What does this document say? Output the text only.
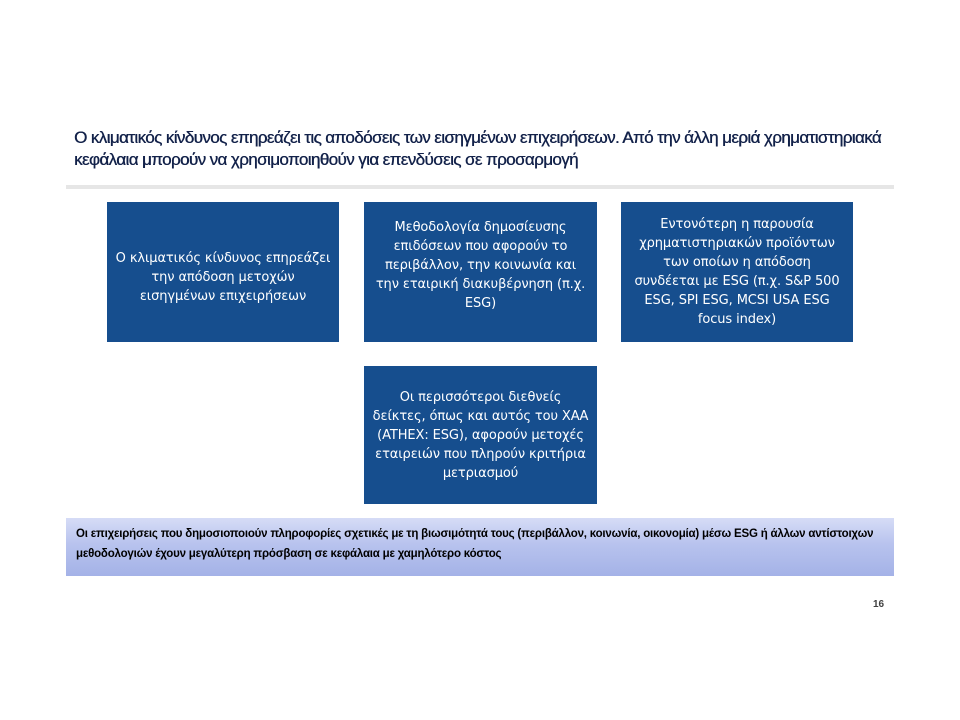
Ο κλιματικός κίνδυνος επηρεάζει τις αποδόσεις των εισηγμένων επιχειρήσεων. Από την άλλη μεριά χρηματιστηριακά κεφάλαια μπορούν να χρησιμοποιηθούν για επενδύσεις σε προσαρμογή
Ο κλιματικός κίνδυνος επηρεάζει την απόδοση μετοχών εισηγμένων επιχειρήσεων
Μεθοδολογία δημοσίευσης επιδόσεων που αφορούν το περιβάλλον, την κοινωνία και την εταιρική διακυβέρνηση (π.χ. ESG)
Εντονότερη η παρουσία χρηματιστηριακών προϊόντων των οποίων η απόδοση συνδέεται με ESG (π.χ. S&P 500 ESG, SPI ESG, MCSI USA ESG focus index)
Οι περισσότεροι διεθνείς δείκτες, όπως και αυτός του ΧΑΑ (ATHEX: ESG), αφορούν μετοχές εταιρειών που πληρούν κριτήρια μετριασμού
Οι επιχειρήσεις που δημοσιοποιούν πληροφορίες σχετικές με τη βιωσιμότητά τους (περιβάλλον, κοινωνία, οικονομία) μέσω ESG ή άλλων αντίστοιχων μεθοδολογιών έχουν μεγαλύτερη πρόσβαση σε κεφάλαια με χαμηλότερο κόστος
16
